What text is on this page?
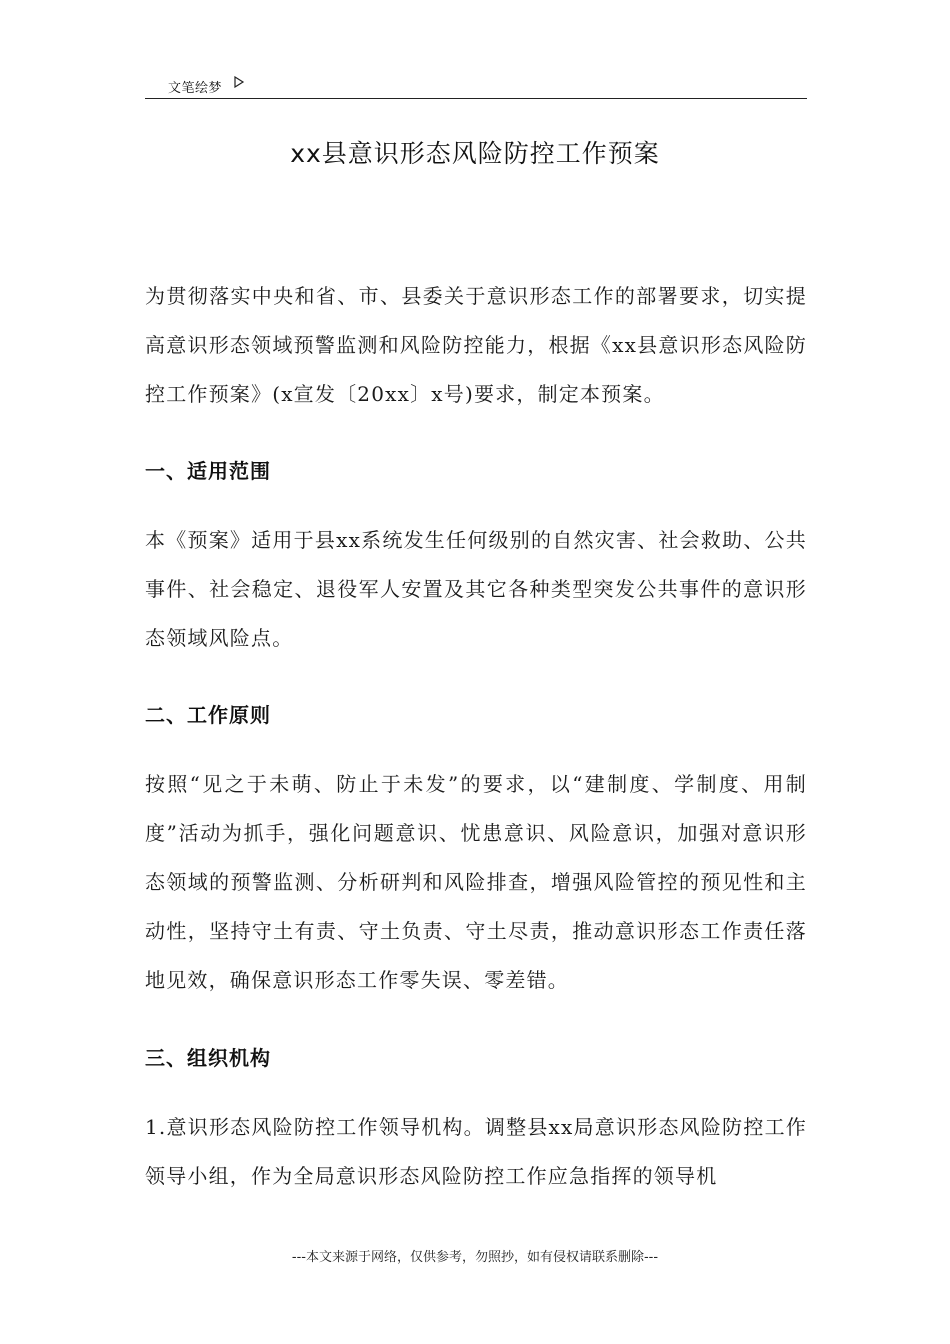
文笔绘梦
xx县意识形态风险防控工作预案
为贯彻落实中央和省、市、县委关于意识形态工作的部署要求，切实提高意识形态领域预警监测和风险防控能力，根据《xx县意识形态风险防控工作预案》(x宣发〔20xx〕x号)要求，制定本预案。
一、适用范围
本《预案》适用于县xx系统发生任何级别的自然灾害、社会救助、公共事件、社会稳定、退役军人安置及其它各种类型突发公共事件的意识形态领域风险点。
二、工作原则
按照“见之于未萌、防止于未发”的要求，以“建制度、学制度、用制度”活动为抓手，强化问题意识、忧患意识、风险意识，加强对意识形态领域的预警监测、分析研判和风险排查，增强风险管控的预见性和主动性，坚持守土有责、守土负责、守土尽责，推动意识形态工作责任落地见效，确保意识形态工作零失误、零差错。
三、组织机构
1.意识形态风险防控工作领导机构。调整县xx局意识形态风险防控工作领导小组，作为全局意识形态风险防控工作应急指挥的领导机
---本文来源于网络，仅供参考，勿照抄，如有侵权请联系删除---
